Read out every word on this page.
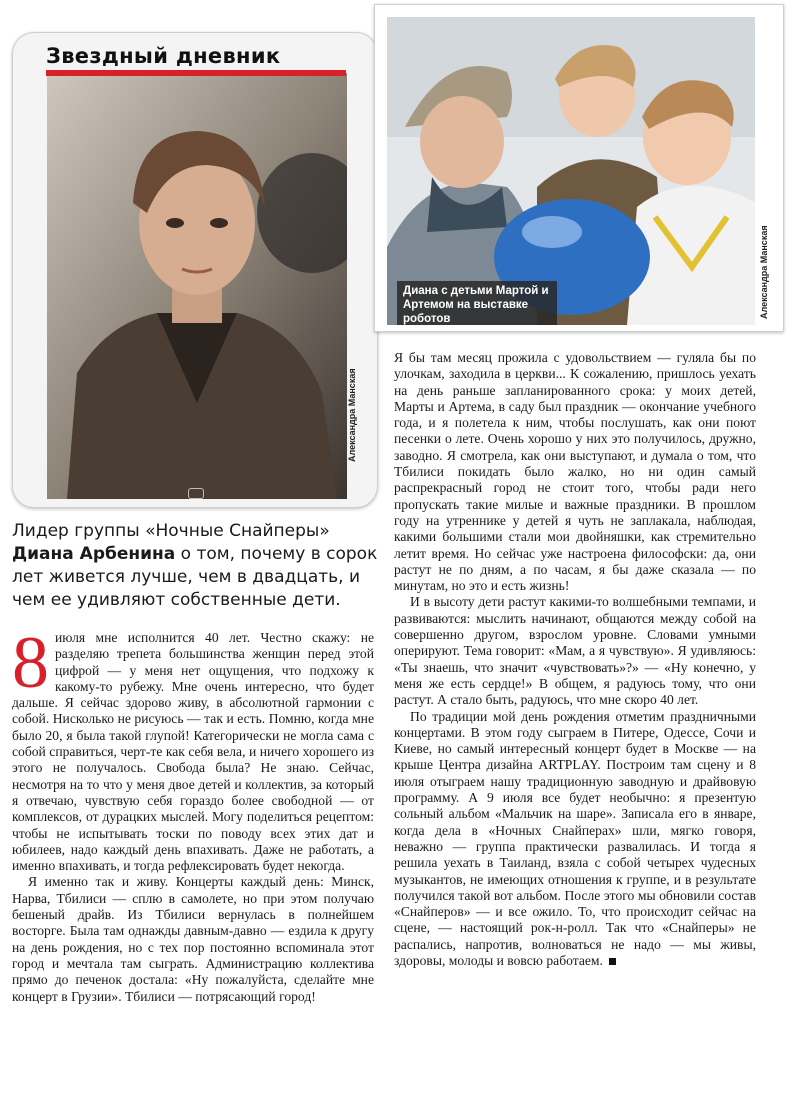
Звездный дневник
Александра Манская
Диана с детьми Мартой и Артемом на выставке роботов	Александра Манская

Лидер группы «Ночные Снайперы»
Диана Арбенина о том, почему в сорок лет живется лучше, чем в двадцать, и чем ее удивляют собственные дети.

8 июля мне исполнится 40 лет. Честно скажу: не разделяю трепета большинства женщин перед этой цифрой — у меня нет ощущения, что подхожу к какому-то рубежу. Мне очень интересно, что будет дальше. Я сейчас здорово живу, в абсолютной гармонии с собой. Нисколько не рисуюсь — так и есть. Помню, когда мне было 20, я была такой глупой! Категорически не могла сама с собой справиться, черт-те как себя вела, и ничего хорошего из этого не получалось. Свобода была? Не знаю. Сейчас, несмотря на то что у меня двое детей и коллектив, за который я отвечаю, чувствую себя гораздо более свободной — от комплексов, от дурацких мыслей. Могу поделиться рецептом: чтобы не испытывать тоски по поводу всех этих дат и юбилеев, надо каждый день впахивать. Даже не работать, а именно впахивать, и тогда рефлексировать будет некогда.

Я именно так и живу. Концерты каждый день: Минск, Нарва, Тбилиси — сплю в самолете, но при этом получаю бешеный драйв. Из Тбилиси вернулась в полнейшем восторге. Была там однажды давным-давно — ездила к другу на день рождения, но с тех пор постоянно вспоминала этот город и мечтала там сыграть. Администрацию коллектива прямо до печенок достала: «Ну пожалуйста, сделайте мне концерт в Грузии». Тбилиси — потрясающий город!

Я бы там месяц прожила с удовольствием — гуляла бы по улочкам, заходила в церкви... К сожалению, пришлось уехать на день раньше запланированного срока: у моих детей, Марты и Артема, в саду был праздник — окончание учебного года, и я полетела к ним, чтобы послушать, как они поют песенки о лете. Очень хорошо у них это получилось, дружно, заводно. Я смотрела, как они выступают, и думала о том, что Тбилиси покидать было жалко, но ни один самый распрекрасный город не стоит того, чтобы ради него пропускать такие милые и важные праздники. В прошлом году на утреннике у детей я чуть не заплакала, наблюдая, какими большими стали мои двойняшки, как стремительно летит время. Но сейчас уже настроена философски: да, они растут не по дням, а по часам, я бы даже сказала — по минутам, но это и есть жизнь!

И в высоту дети растут какими-то волшебными темпами, и развиваются: мыслить начинают, общаются между собой на совершенно другом, взрослом уровне. Словами умными оперируют. Тема говорит: «Мам, а я чувствую». Я удивляюсь: «Ты знаешь, что значит «чувствовать»?» — «Ну конечно, у меня же есть сердце!» В общем, я радуюсь тому, что они растут. А стало быть, радуюсь, что мне скоро 40 лет.

По традиции мой день рождения отметим праздничными концертами. В этом году сыграем в Питере, Одессе, Сочи и Киеве, но самый интересный концерт будет в Москве — на крыше Центра дизайна ARTPLAY. Построим там сцену и 8 июля отыграем нашу традиционную заводную и драйвовую программу. А 9 июля все будет необычно: я презентую сольный альбом «Мальчик на шаре». Записала его в январе, когда дела в «Ночных Снайперах» шли, мягко говоря, неважно — группа практически развалилась. И тогда я решила уехать в Таиланд, взяла с собой четырех чудесных музыкантов, не имеющих отношения к группе, и в результате получился такой вот альбом. После этого мы обновили состав «Снайперов» — и все ожило. То, что происходит сейчас на сцене, — настоящий рок-н-ролл. Так что «Снайперы» не распались, напротив, волноваться не надо — мы живы, здоровы, молоды и вовсю работаем.
